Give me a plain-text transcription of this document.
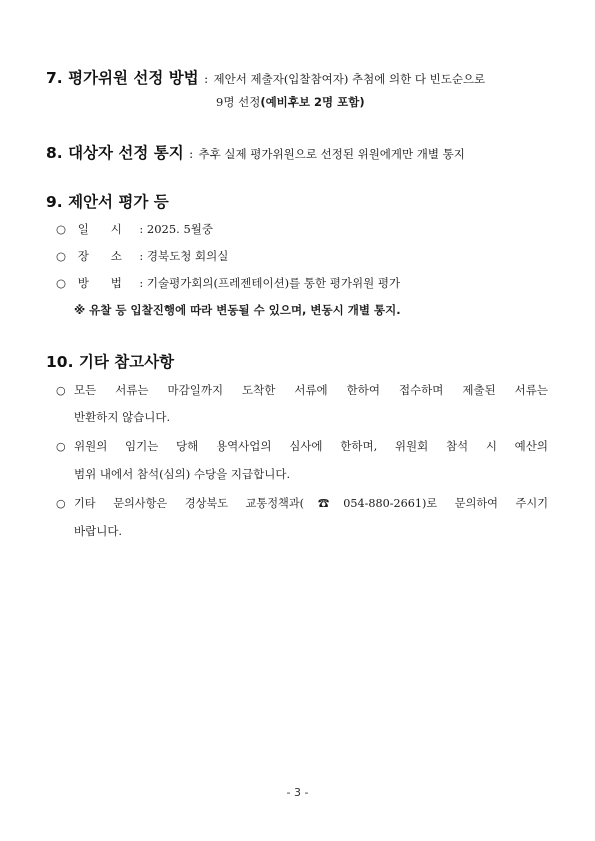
7. 평가위원 선정 방법 : 제안서 제출자(입찰참여자) 추첨에 의한 다 빈도순으로
9명 선정(예비후보 2명 포함)
8. 대상자 선정 통지 : 추후 실제 평가위원으로 선정된 위원에게만 개별 통지
9. 제안서 평가 등
○ 일      시 : 2025. 5월중
○ 장      소 : 경북도청 회의실
○ 방      법 : 기술평가회의(프레젠테이션)를 통한 평가위원 평가
※ 유찰 등 입찰진행에 따라 변동될 수 있으며, 변동시 개별 통지.
10. 기타 참고사항
○ 모든 서류는 마감일까지 도착한 서류에 한하여 접수하며 제출된 서류는
반환하지 않습니다.
○ 위원의 임기는 당해 용역사업의 심사에 한하며, 위원회 참석 시 예산의
범위 내에서 참석(심의) 수당을 지급합니다.
○ 기타 문의사항은 경상북도 교통정책과(☎054-880-2661)로 문의하여 주시기
바랍니다.
- 3 -
